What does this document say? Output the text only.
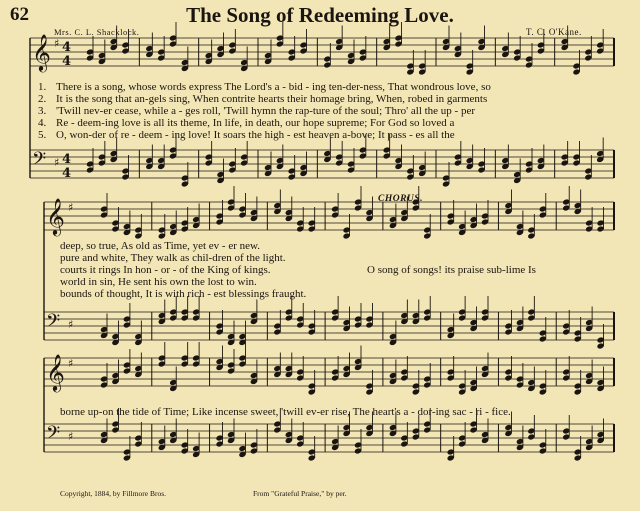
62	The Song of Redeeming Love.
Mrs. C. L. Shacklock.	T. C. O'Kane.
𝄞 ♯
𝄢 ♯
𝄞 ♯
𝄢 ♯
𝄞 ♯
𝄢 ♯
4
4
4
4
1. There is a song, whose words express The Lord's a - bid - ing ten-der-ness, That wondrous love, so
2. It is the song that an-gels sing, When contrite hearts their homage bring, When, robed in garments
3. 'Twill nev-er cease, while a - ges roll, 'Twill hymn the rap-ture of the soul; Thro' all the up - per
4. Re - deem-ing love is all its theme, In life, in death, our hope supreme; For God so loved a
5. O, won-der of re - deem - ing love! It soars the high - est heaven a-bove; It pass - es all the
CHORUS.
deep, so true, As old as Time, yet ev - er new.
pure and white, They walk as chil-dren of the light.
courts it rings In hon - or - of the King of kings.
world in sin, He sent his own the lost to win.
bounds of thought, It is with rich - est blessings fraught.
O song of songs! its praise sub-lime Is
borne up-on the tide of Time; Like incense sweet, 'twill ev-er rise, The heart's a - dor-ing sac - ri - fice.
Copyright, 1884, by Fillmore Bros.	From "Grateful Praise," by per.
